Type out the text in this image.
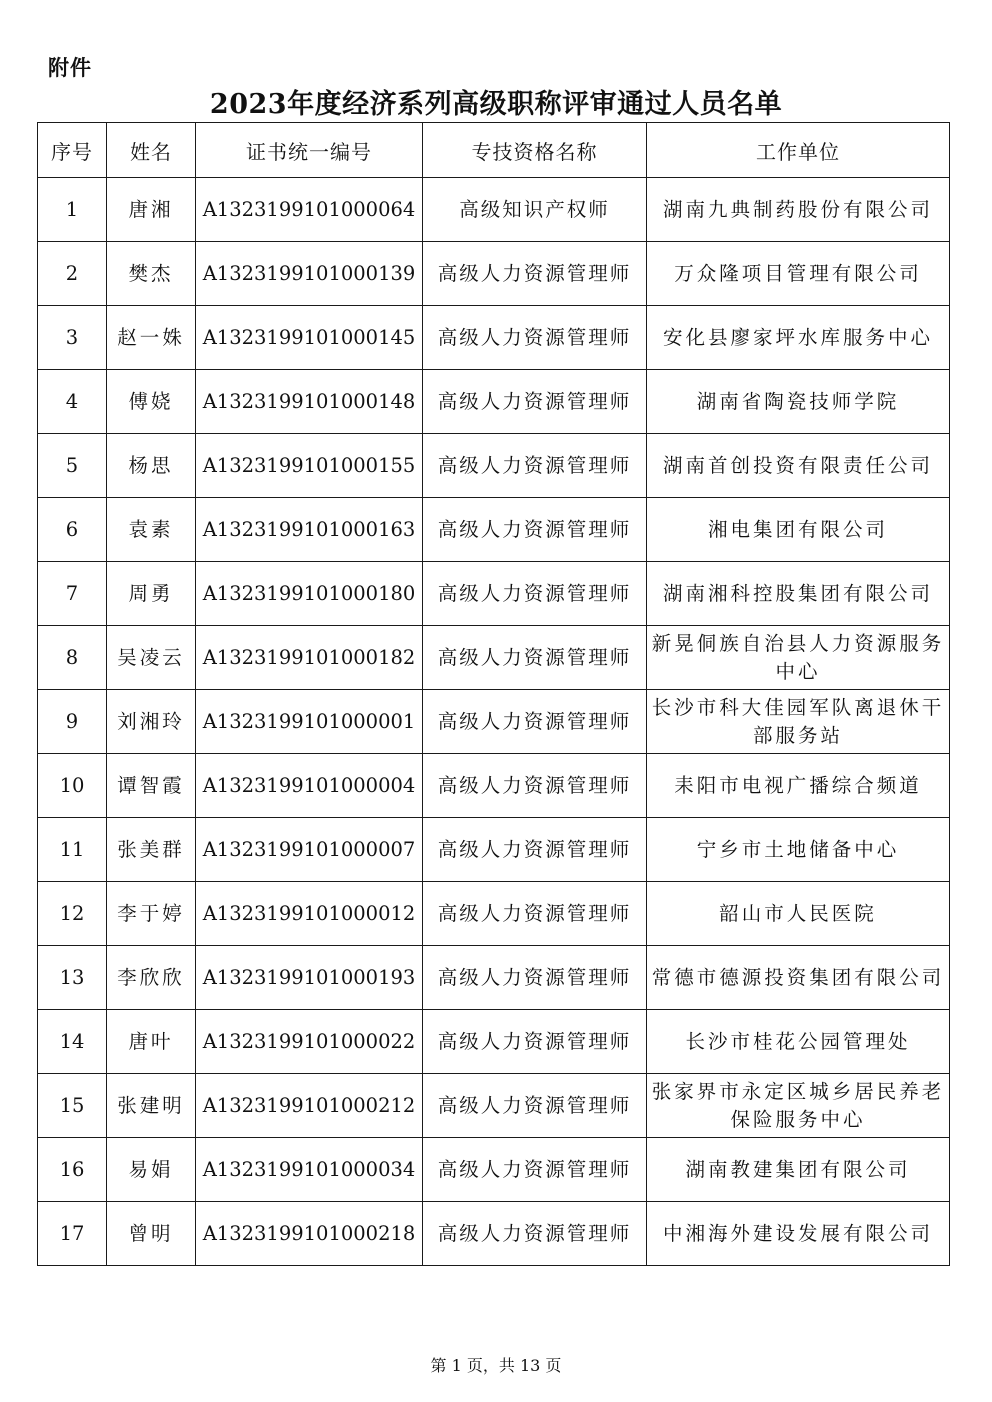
附件
2023年度经济系列高级职称评审通过人员名单
序号	姓名	证书统一编号	专技资格名称	工作单位
1	唐湘	A1323199101000064	高级知识产权师	湖南九典制药股份有限公司
2	樊杰	A1323199101000139	高级人力资源管理师	万众隆项目管理有限公司
3	赵一姝	A1323199101000145	高级人力资源管理师	安化县廖家坪水库服务中心
4	傅娆	A1323199101000148	高级人力资源管理师	湖南省陶瓷技师学院
5	杨思	A1323199101000155	高级人力资源管理师	湖南首创投资有限责任公司
6	袁素	A1323199101000163	高级人力资源管理师	湘电集团有限公司
7	周勇	A1323199101000180	高级人力资源管理师	湖南湘科控股集团有限公司
8	吴凌云	A1323199101000182	高级人力资源管理师	新晃侗族自治县人力资源服务中心
9	刘湘玲	A1323199101000001	高级人力资源管理师	长沙市科大佳园军队离退休干部服务站
10	谭智霞	A1323199101000004	高级人力资源管理师	耒阳市电视广播综合频道
11	张美群	A1323199101000007	高级人力资源管理师	宁乡市土地储备中心
12	李于婷	A1323199101000012	高级人力资源管理师	韶山市人民医院
13	李欣欣	A1323199101000193	高级人力资源管理师	常德市德源投资集团有限公司
14	唐叶	A1323199101000022	高级人力资源管理师	长沙市桂花公园管理处
15	张建明	A1323199101000212	高级人力资源管理师	张家界市永定区城乡居民养老保险服务中心
16	易娟	A1323199101000034	高级人力资源管理师	湖南教建集团有限公司
17	曾明	A1323199101000218	高级人力资源管理师	中湘海外建设发展有限公司
第 1 页，共 13 页
